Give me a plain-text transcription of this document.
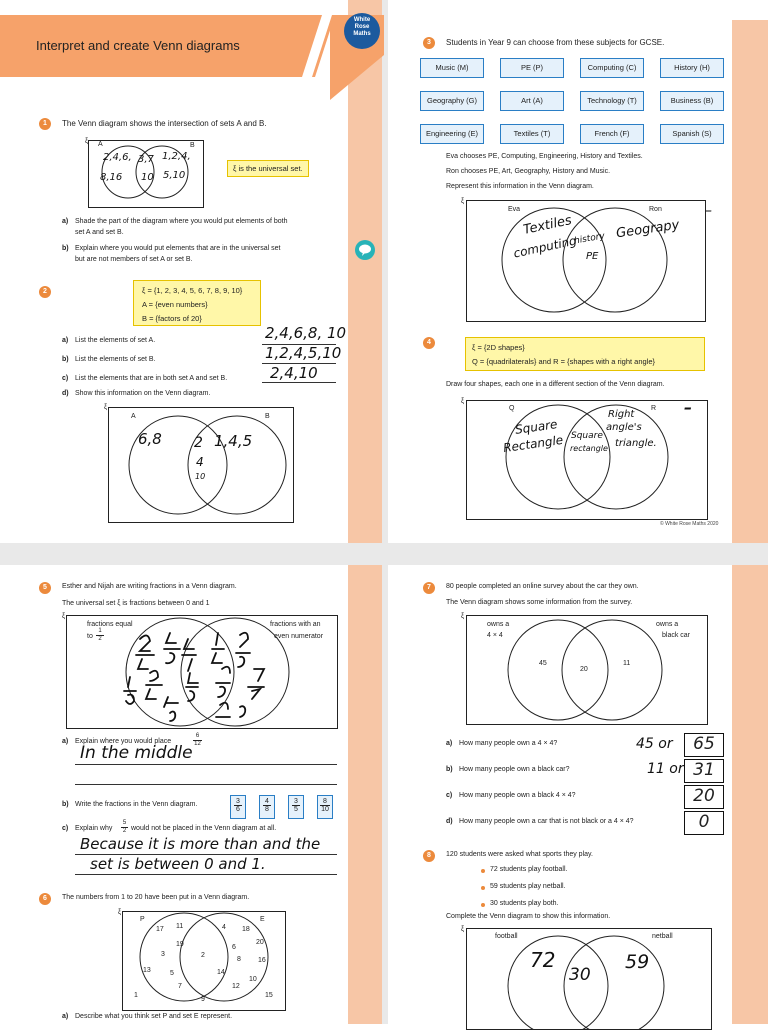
Interpret and create Venn diagrams
White
Rose
Maths
1	The Venn diagram shows the intersection of sets A and B.
ξ A	B
2,4,6,
8,16
3,7
10
1,2,4,
5,10
ξ is the universal set.
a) Shade the part of the diagram where you would put elements of both
set A and set B.
b) Explain where you would put elements that are in the universal set
but are not members of set A or set B.
2	ξ = {1, 2, 3, 4, 5, 6, 7, 8, 9, 10}
A = {even numbers}
B = {factors of 20}
a) List the elements of set A.	2,4,6,8, 10
b) List the elements of set B.	1,2,4,5,10
c) List the elements that are in both set A and set B.	2,4,10
d) Show this information on the Venn diagram.
ξ
A	B
6,8 2
4
10
1,4,5
3	Students in Year 9 can choose from these subjects for GCSE.
Music (M)	PE (P)	Computing (C)	History (H)
Geography (G)	Art (A)	Technology (T)	Business (B)
Engineering (E)	Textiles (T)	French (F)	Spanish (S)
Eva chooses PE, Computing, Engineering, History and Textiles.
Ron chooses PE, Art, Geography, History and Music.
Represent this information in the Venn diagram.
ξ
Eva	Ron
Textiles
computing
history
PE
Geograpy
–
4
ξ = {2D shapes}
Q = {quadrilaterals} and R = {shapes with a right angle}
Draw four shapes, each one in a different section of the Venn diagram.
ξ
Q	R
Square
Rectangle Square
rectangle
Right
angle's
triangle.
–
© White Rose Maths 2020
5	Esther and Nijah are writing fractions in a Venn diagram.
The universal set ξ is fractions between 0 and 1
ξ
fractions equal
to
1
2
fractions with an
even numerator
a) Explain where you would place
6
12
In the middle
b) Write the fractions in the Venn diagram.	3
6
4
8
3
5
8
10
c) Explain why
5
2 would not be placed in the Venn diagram at all.
Because it is more than and the
set is between 0 and 1.
6	The numbers from 1 to 20 have been put in a Venn diagram.
ξ
P	E
17 11
19
3
13	5
7
2
4 18
6
20
8 16
14
10
12
15
1
9
a) Describe what you think set P and set E represent.
7	80 people completed an online survey about the car they own.
The Venn diagram shows some information from the survey.
ξ
owns a
4 × 4
owns a
black car
45
20
11
a) How many people own a 4 × 4?	45 or	65
b) How many people own a black car?	11 or 31
c) How many people own a black 4 × 4?	20
d) How many people own a car that is not black or a 4 × 4?	0
8	120 students were asked what sports they play.
72 students play football.
59 students play netball.
30 students play both.
Complete the Venn diagram to show this information.
ξ
football	netball
72
30
59
